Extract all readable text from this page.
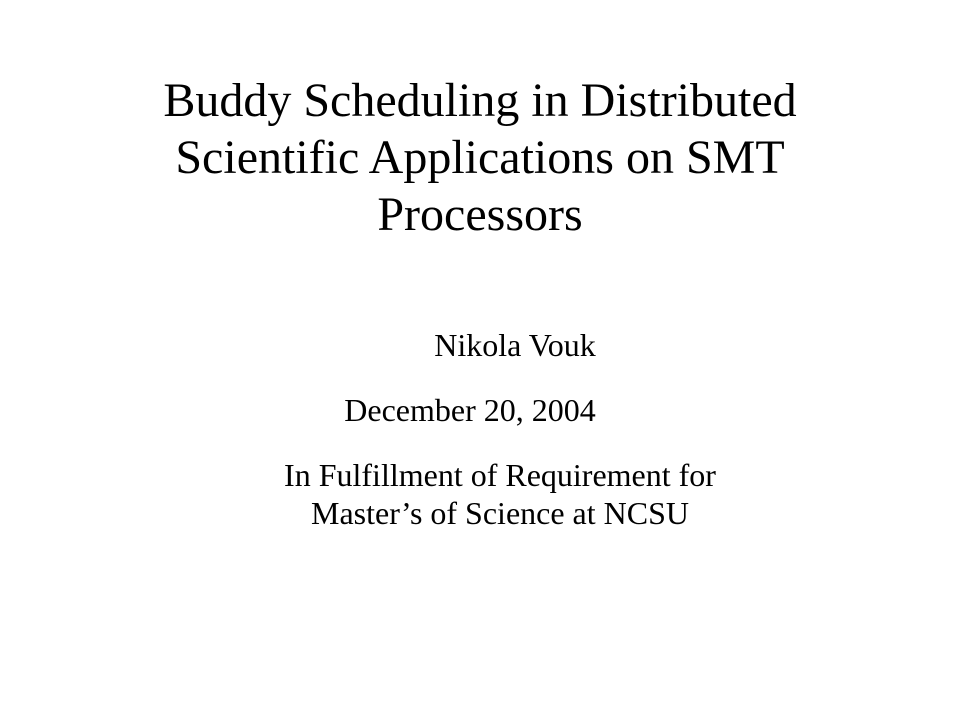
Buddy Scheduling in Distributed
Scientific Applications on SMT
Processors
Nikola Vouk
December 20, 2004
In Fulfillment of Requirement for
Master’s of Science at NCSU
